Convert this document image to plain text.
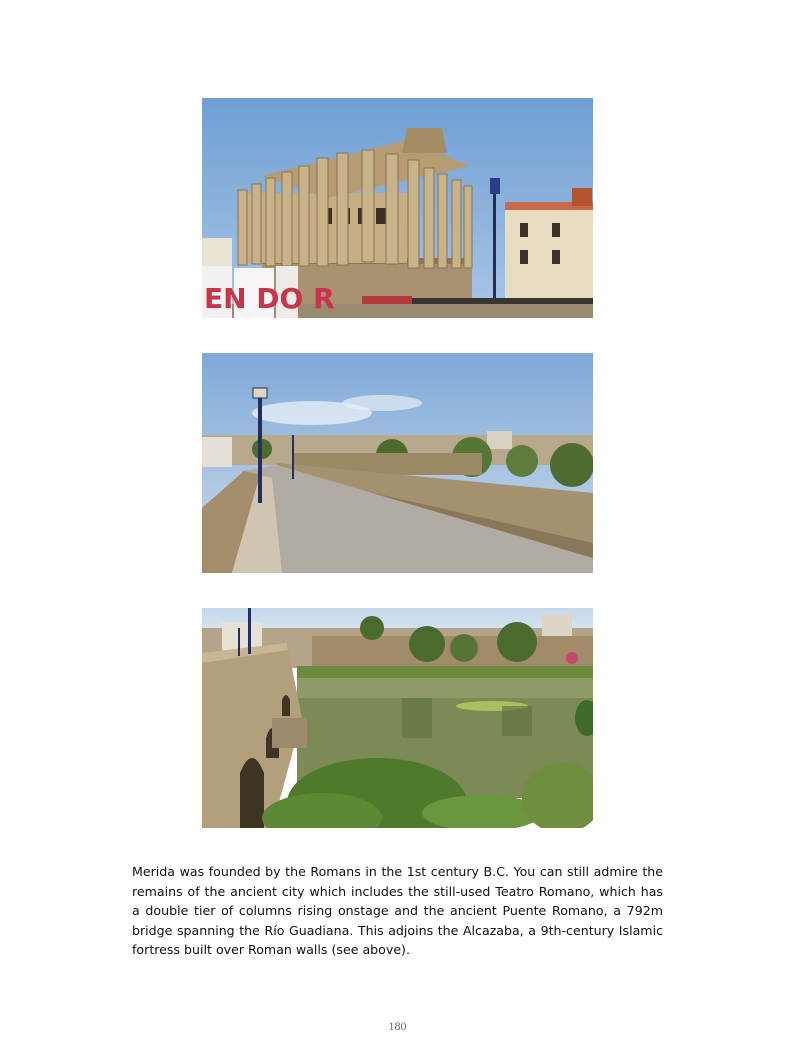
EN DO R

Merida was founded by the Romans in the 1st century B.C. You can still admire the remains of the ancient city which includes the still-used Teatro Romano, which has a double tier of columns rising onstage and the ancient Puente Romano, a 792m bridge spanning the Río Guadiana. This adjoins the Alcazaba, a 9th-century Islamic fortress built over Roman walls (see above).

180
